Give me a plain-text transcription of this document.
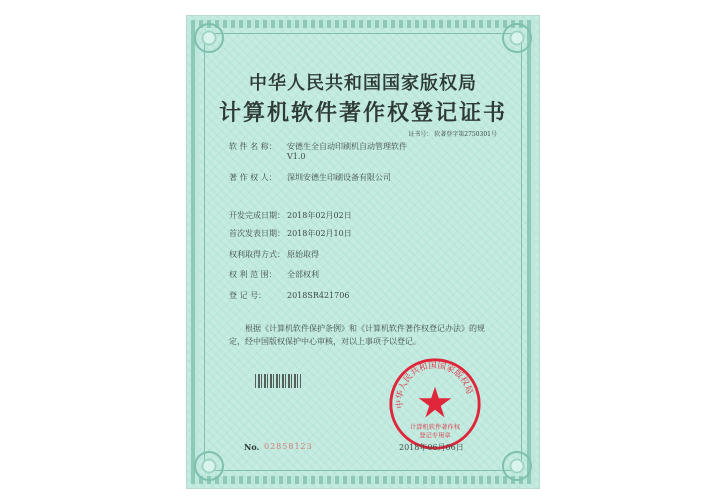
中华人民共和国国家版权局
计算机软件著作权登记证书
证书号： 软著登字第2750301号
软 件 名 称： 安德生全自动印刷机自动管理软件
V1.0
著 作 权 人： 深圳安德生印刷设备有限公司
开发完成日期： 2018年02月02日
首次发表日期： 2018年02月10日
权利取得方式： 原始取得
权 利 范 围： 全部权利
登 记 号：	2018SR421706
根据《计算机软件保护条例》和《计算机软件著作权登记办法》的规定，经中国版权保护中心审核，对以上事项予以登记。
No. 02858123
中华人民共和国国家版权局
计算机软件著作权
登记专用章
2018年06月06日
